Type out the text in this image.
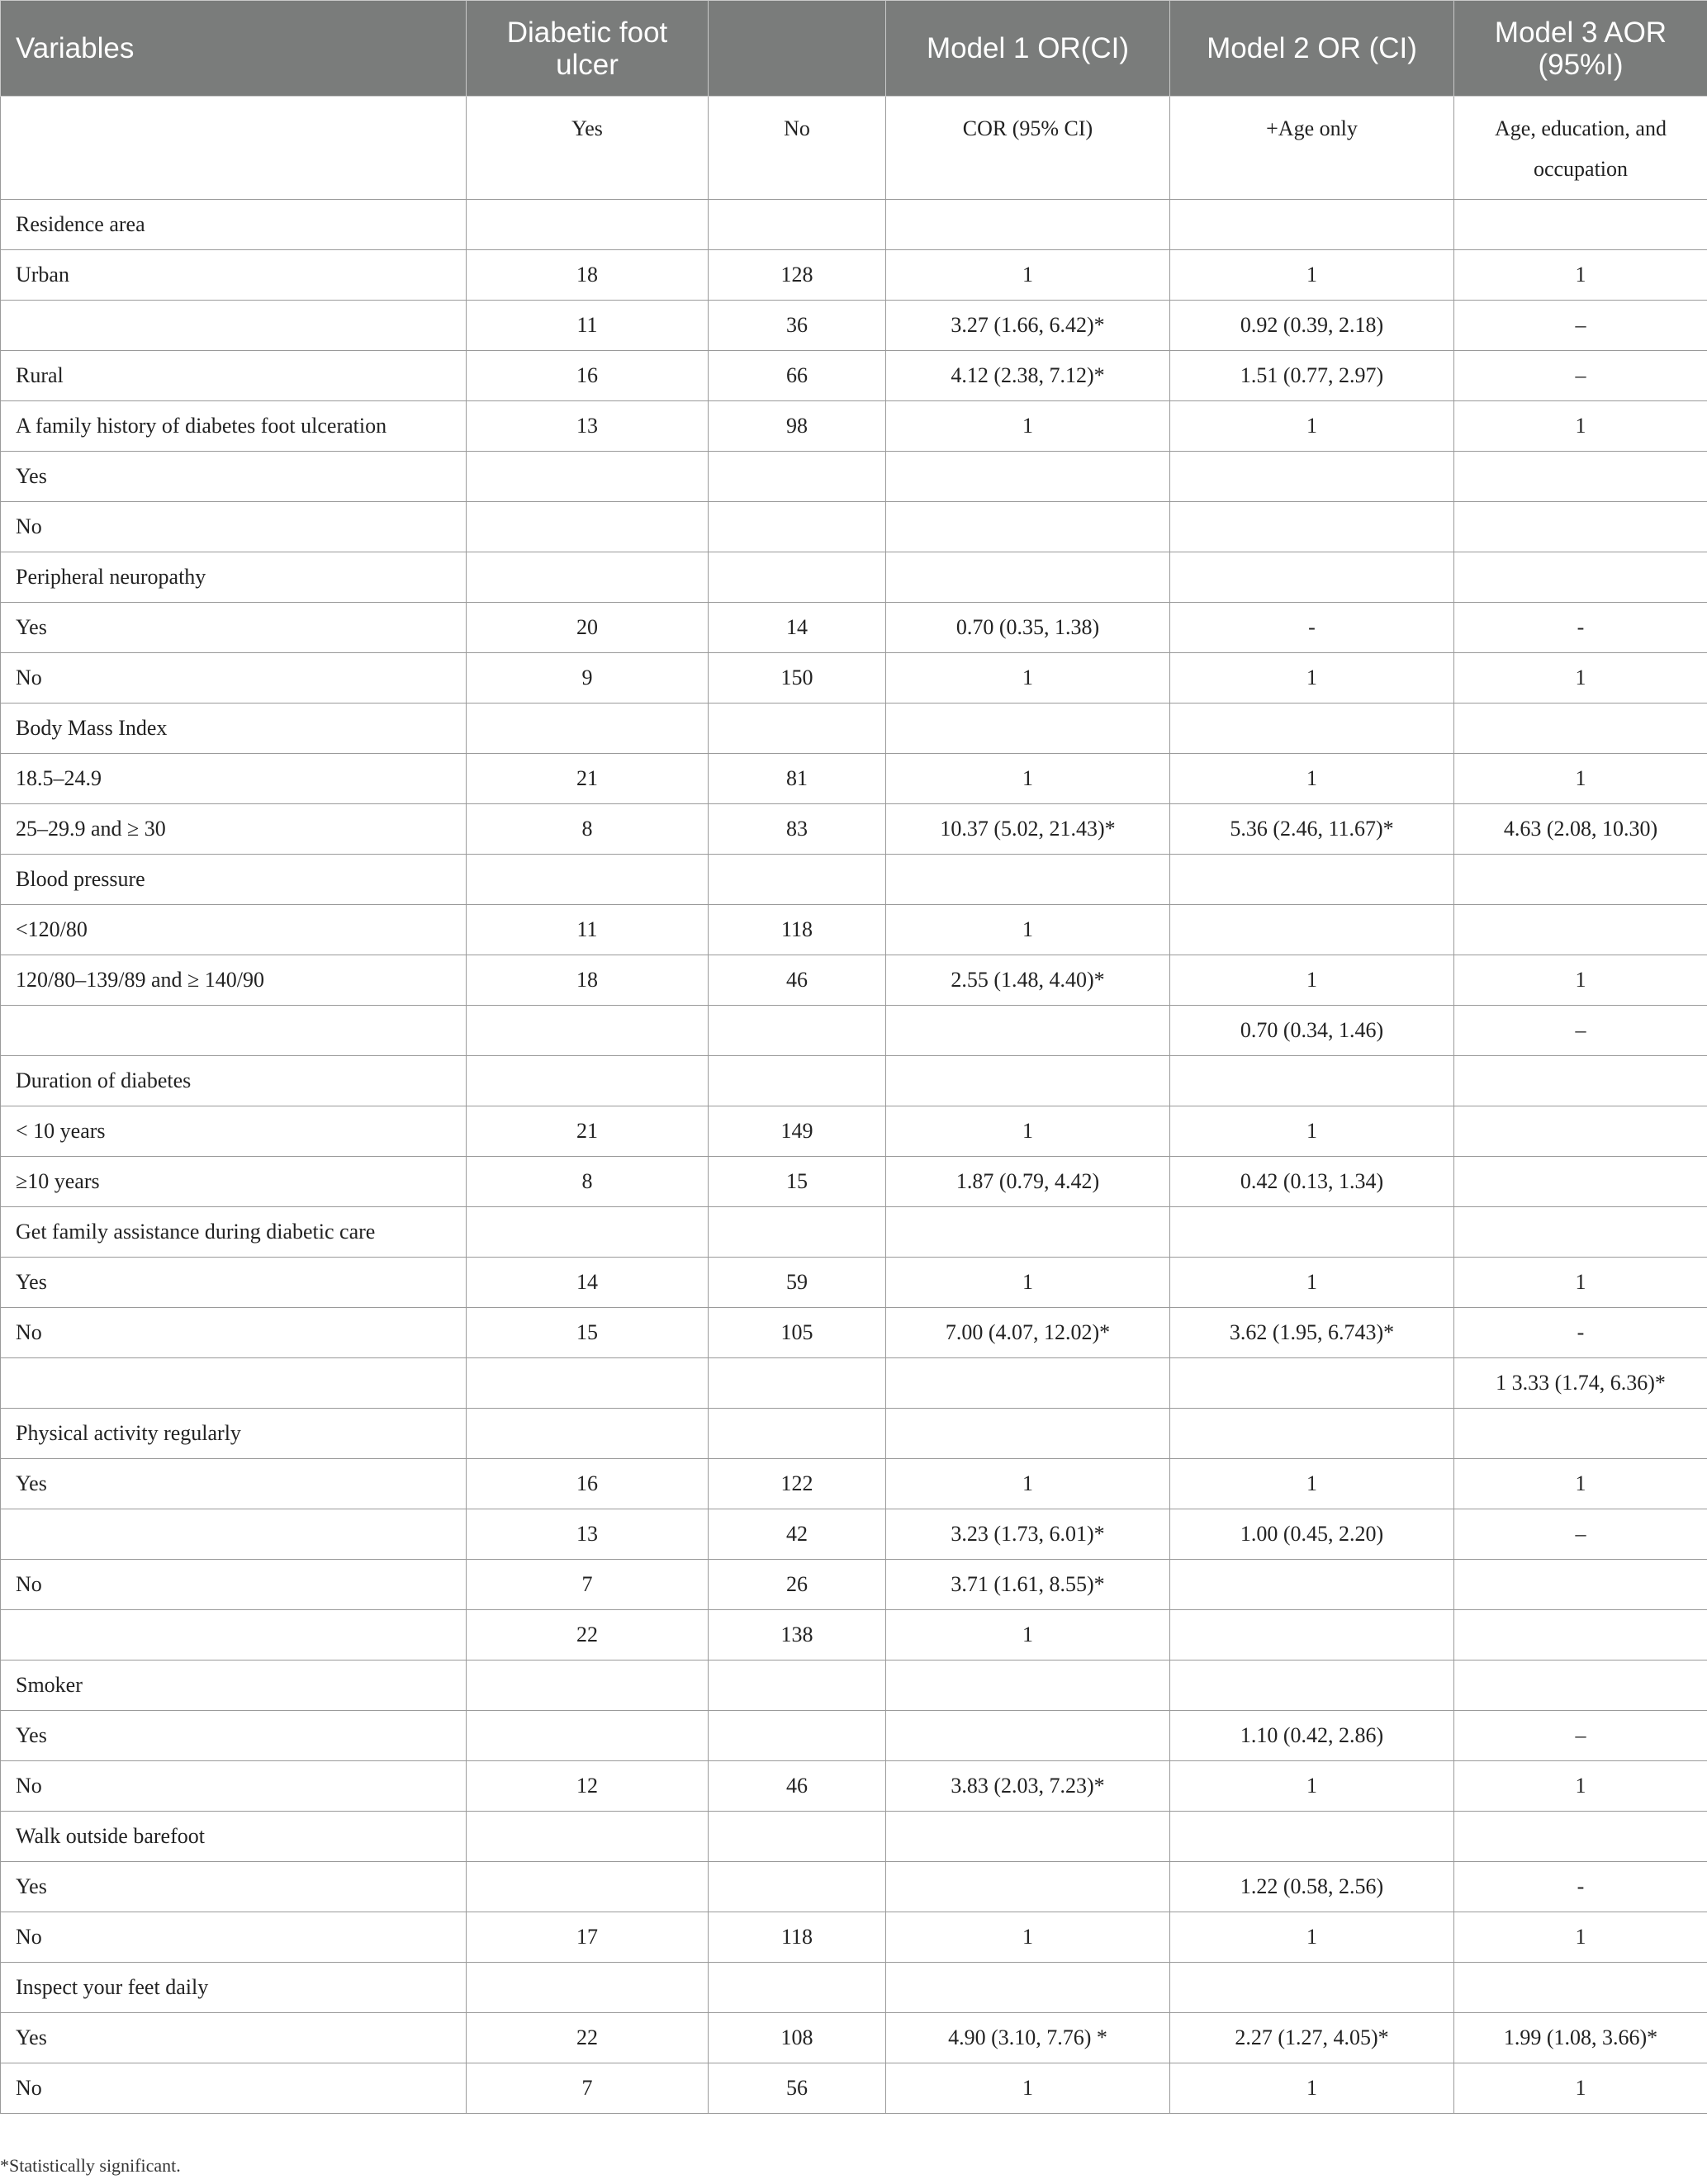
Variables	Diabetic foot ulcer		Model 1 OR(CI)	Model 2 OR (CI)	Model 3 AOR (95%I)
	Yes	No	COR (95% CI)	+Age only	Age, education, and occupation
Residence area					
Urban	18	128	1	1	1
	11	36	3.27 (1.66, 6.42)*	0.92 (0.39, 2.18)	–
Rural	16	66	4.12 (2.38, 7.12)*	1.51 (0.77, 2.97)	–
A family history of diabetes foot ulceration	13	98	1	1	1
Yes					
No					
Peripheral neuropathy					
Yes	20	14	0.70 (0.35, 1.38)	-	-
No	9	150	1	1	1
Body Mass Index					
18.5–24.9	21	81	1	1	1
25–29.9 and ≥ 30	8	83	10.37 (5.02, 21.43)*	5.36 (2.46, 11.67)*	4.63 (2.08, 10.30)
Blood pressure					
<120/80	11	118	1		
120/80–139/89 and ≥ 140/90	18	46	2.55 (1.48, 4.40)*	1	1
				0.70 (0.34, 1.46)	–
Duration of diabetes					
< 10 years	21	149	1	1	
≥10 years	8	15	1.87 (0.79, 4.42)	0.42 (0.13, 1.34)	
Get family assistance during diabetic care					
Yes	14	59	1	1	1
No	15	105	7.00 (4.07, 12.02)*	3.62 (1.95, 6.743)*	-
					1 3.33 (1.74, 6.36)*
Physical activity regularly					
Yes	16	122	1	1	1
	13	42	3.23 (1.73, 6.01)*	1.00 (0.45, 2.20)	–
No	7	26	3.71 (1.61, 8.55)*		
	22	138	1		
Smoker					
Yes				1.10 (0.42, 2.86)	–
No	12	46	3.83 (2.03, 7.23)*	1	1
Walk outside barefoot					
Yes				1.22 (0.58, 2.56)	-
No	17	118	1	1	1
Inspect your feet daily					
Yes	22	108	4.90 (3.10, 7.76) *	2.27 (1.27, 4.05)*	1.99 (1.08, 3.66)*
No	7	56	1	1	1
*Statistically significant.
